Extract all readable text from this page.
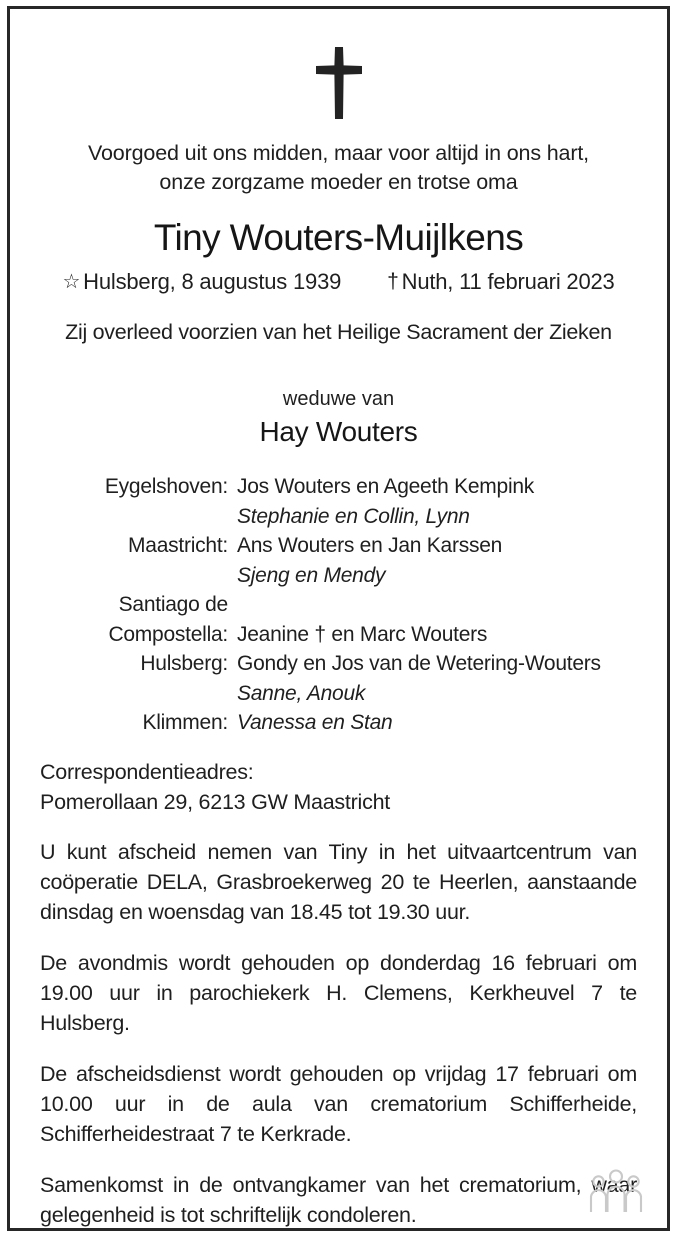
Voorgoed uit ons midden, maar voor altijd in ons hart,
onze zorgzame moeder en trotse oma
Tiny Wouters-Muijlkens
☆ Hulsberg, 8 augustus 1939 † Nuth, 11 februari 2023
Zij overleed voorzien van het Heilige Sacrament der Zieken
weduwe van
Hay Wouters
Eygelshoven: Jos Wouters en Ageeth Kempink
Stephanie en Collin, Lynn
Maastricht: Ans Wouters en Jan Karssen
Sjeng en Mendy
Santiago de
Compostella: Jeanine † en Marc Wouters
Hulsberg: Gondy en Jos van de Wetering-Wouters
Sanne, Anouk
Klimmen: Vanessa en Stan
Correspondentieadres:
Pomerollaan 29, 6213 GW Maastricht
U kunt afscheid nemen van Tiny in het uitvaartcentrum van coöperatie DELA, Grasbroekerweg 20 te Heerlen, aanstaande dinsdag en woensdag van 18.45 tot 19.30 uur.
De avondmis wordt gehouden op donderdag 16 februari om 19.00 uur in parochiekerk H. Clemens, Kerkheuvel 7 te Hulsberg.
De afscheidsdienst wordt gehouden op vrijdag 17 februari om 10.00 uur in de aula van crematorium Schifferheide, Schifferheidestraat 7 te Kerkrade.
Samenkomst in de ontvangkamer van het crematorium, waar gelegenheid is tot schriftelijk condoleren.
